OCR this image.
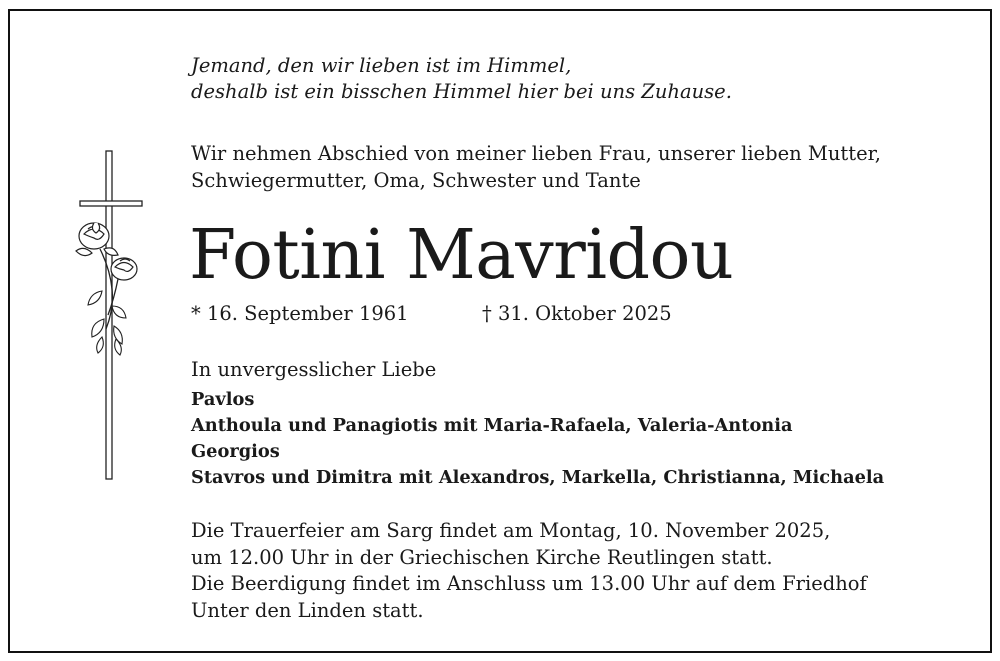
Jemand, den wir lieben ist im Himmel,
deshalb ist ein bisschen Himmel hier bei uns Zuhause.
Wir nehmen Abschied von meiner lieben Frau, unserer lieben Mutter,
Schwiegermutter, Oma, Schwester und Tante
Fotini Mavridou
* 16. September 1961	† 31. Oktober 2025
In unvergesslicher Liebe
Pavlos
Anthoula und Panagiotis mit Maria-Rafaela, Valeria-Antonia
Georgios
Stavros und Dimitra mit Alexandros, Markella, Christianna, Michaela
Die Trauerfeier am Sarg findet am Montag, 10. November 2025,
um 12.00 Uhr in der Griechischen Kirche Reutlingen statt.
Die Beerdigung findet im Anschluss um 13.00 Uhr auf dem Friedhof
Unter den Linden statt.
